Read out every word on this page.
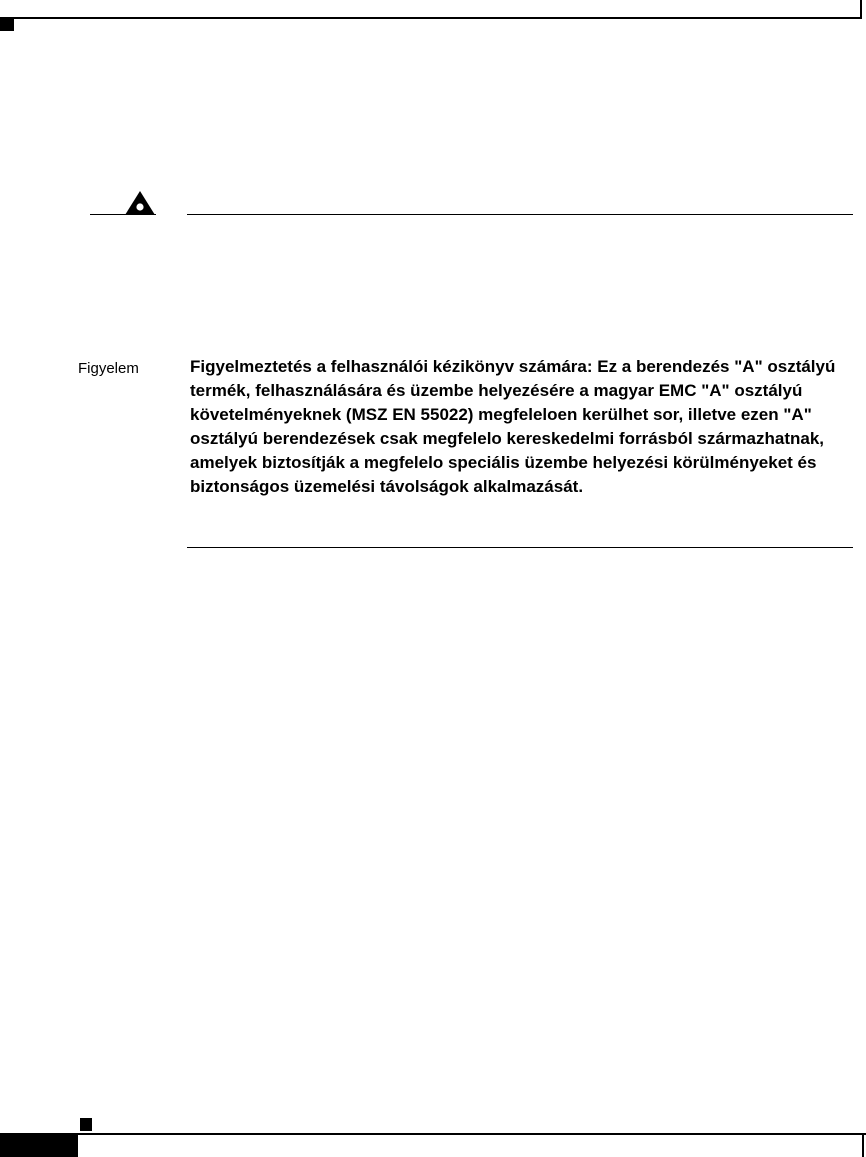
Figyelem	Figyelmeztetés a felhasználói kézikönyv számára: Ez a berendezés "A" osztályú termék, felhasználására és üzembe helyezésére a magyar EMC "A" osztályú követelményeknek (MSZ EN 55022) megfeleloen kerülhet sor, illetve ezen "A" osztályú berendezések csak megfelelo kereskedelmi forrásból származhatnak, amelyek biztosítják a megfelelo speciális üzembe helyezési körülményeket és biztonságos üzemelési távolságok alkalmazását.
